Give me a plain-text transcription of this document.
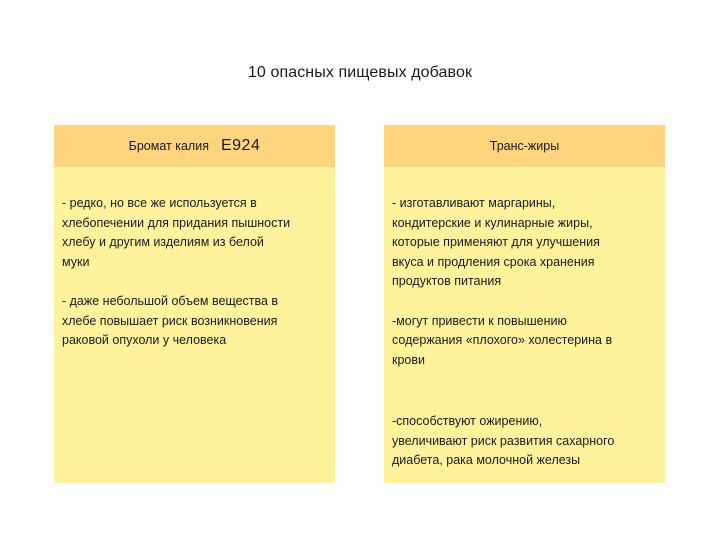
10 опасных пищевых добавок
Бромат калия Е924

- редко, но все же используется в
хлебопечении для придания пышности
хлебу и другим изделиям из белой
муки

- даже небольшой объем вещества в
хлебе повышает риск возникновения
раковой опухоли у человека

Транс-жиры

- изготавливают маргарины,
кондитерские и кулинарные жиры,
которые применяют для улучшения
вкуса и продления срока хранения
продуктов питания

-могут привести к повышению
содержания «плохого» холестерина в
крови

-способствуют ожирению,
увеличивают риск развития сахарного
диабета, рака молочной железы
